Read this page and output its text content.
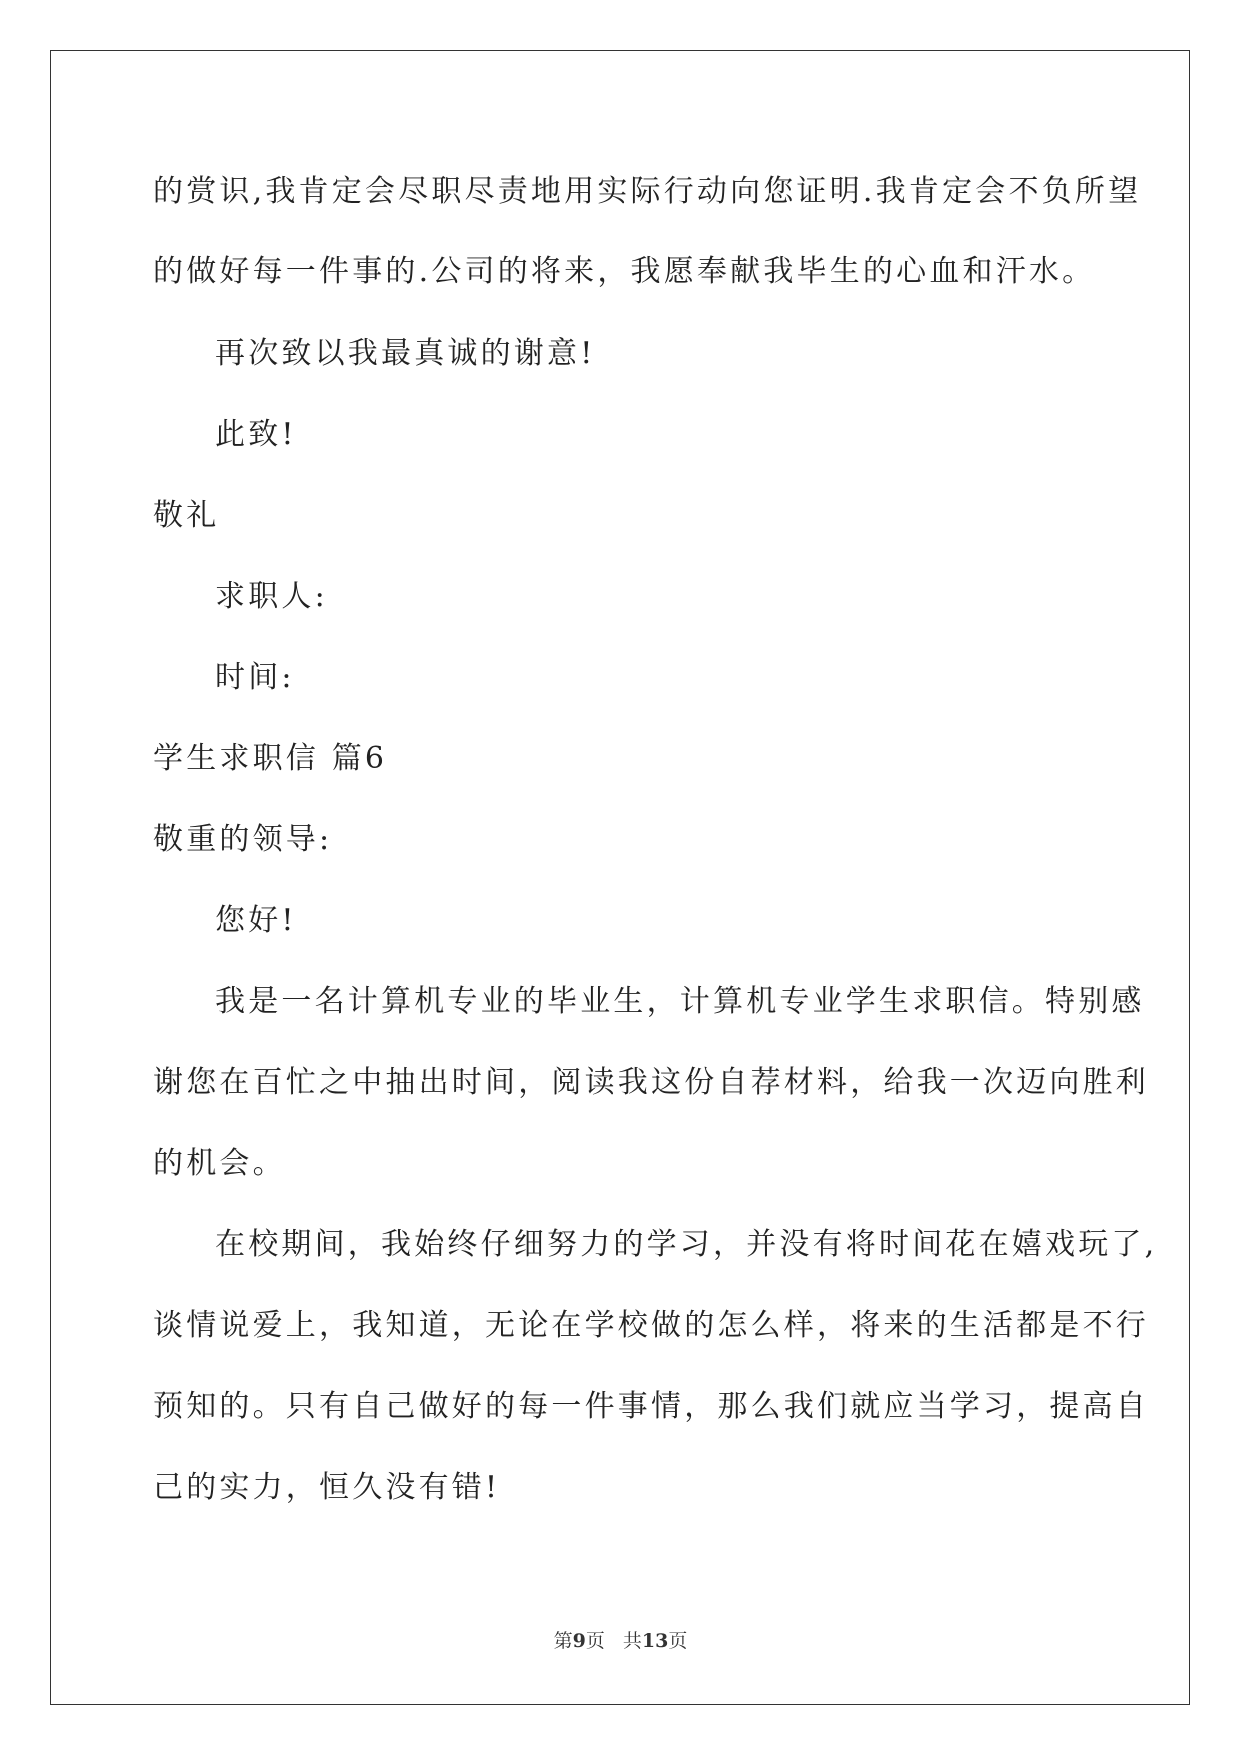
的赏识,我肯定会尽职尽责地用实际行动向您证明.我肯定会不负所望
的做好每一件事的.公司的将来，我愿奉献我毕生的心血和汗水。
再次致以我最真诚的谢意!
此致!
敬礼
求职人:
时间:
学生求职信 篇6
敬重的领导:
您好!
我是一名计算机专业的毕业生，计算机专业学生求职信。特别感
谢您在百忙之中抽出时间，阅读我这份自荐材料，给我一次迈向胜利
的机会。
在校期间，我始终仔细努力的学习，并没有将时间花在嬉戏玩了,
谈情说爱上，我知道，无论在学校做的怎么样，将来的生活都是不行
预知的。只有自己做好的每一件事情，那么我们就应当学习，提高自
己的实力，恒久没有错!
第9页 共13页
